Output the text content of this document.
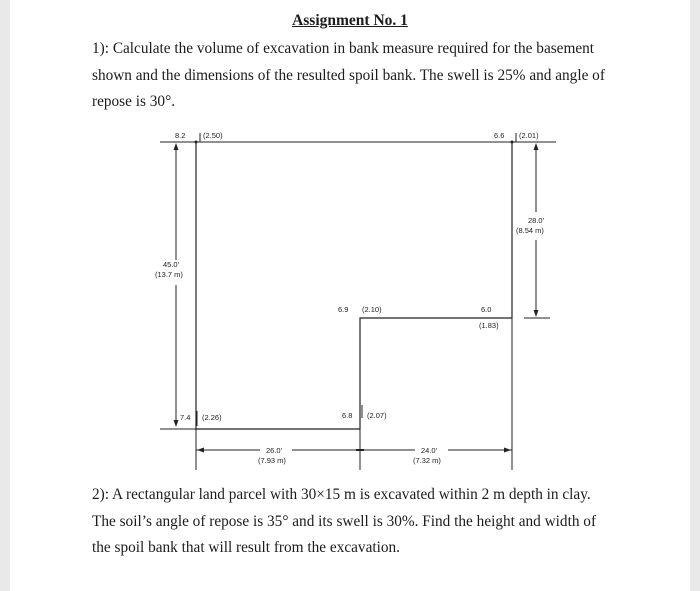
Assignment No. 1
1): Calculate the volume of excavation in bank measure required for the basement
shown and the dimensions of the resulted spoil bank. The swell is 25% and angle of
repose is 30°.
8.2 (2.50)	6.6 (2.01)
28.0'
(8.54 m)
45.0'
(13.7 m)
6.9 (2.10)	6.0
(1.83)
7.4 (2.26)	6.8 (2.07)
26.0'
(7.93 m)
24.0'
(7.32 m)
2): A rectangular land parcel with 30×15 m is excavated within 2 m depth in clay.
The soil’s angle of repose is 35° and its swell is 30%. Find the height and width of
the spoil bank that will result from the excavation.
